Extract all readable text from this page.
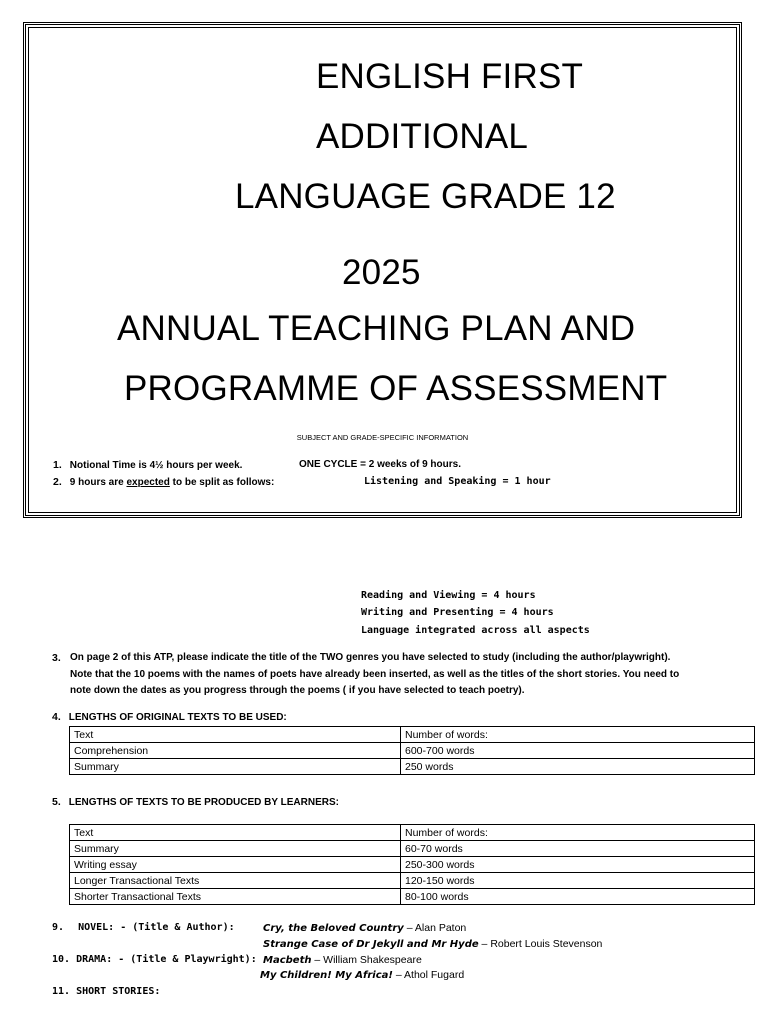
ENGLISH FIRST
ADDITIONAL
LANGUAGE GRADE 12
2025
ANNUAL TEACHING PLAN AND
PROGRAMME OF ASSESSMENT
SUBJECT AND GRADE-SPECIFIC INFORMATION
1. Notional Time is 4½ hours per week.	ONE CYCLE = 2 weeks of 9 hours.
2. 9 hours are expected to be split as follows:	Listening and Speaking = 1 hour
Reading and Viewing = 4 hours
Writing and Presenting = 4 hours
Language integrated across all aspects
3. On page 2 of this ATP, please indicate the title of the TWO genres you have selected to study (including the author/playwright). Note that the 10 poems with the names of poets have already been inserted, as well as the titles of the short stories. You need to note down the dates as you progress through the poems ( if you have selected to teach poetry).
4. LENGTHS OF ORIGINAL TEXTS TO BE USED:
Text	Number of words:
Comprehension	600-700 words
Summary	250 words
5. LENGTHS OF TEXTS TO BE PRODUCED BY LEARNERS:
Text	Number of words:
Summary	60-70 words
Writing essay	250-300 words
Longer Transactional Texts	120-150 words
Shorter Transactional Texts	80-100 words
9. NOVEL: - (Title & Author):	Cry, the Beloved Country – Alan Paton
Strange Case of Dr Jekyll and Mr Hyde – Robert Louis Stevenson
10. DRAMA: - (Title & Playwright): Macbeth – William Shakespeare
My Children! My Africa! – Athol Fugard
11. SHORT STORIES:
